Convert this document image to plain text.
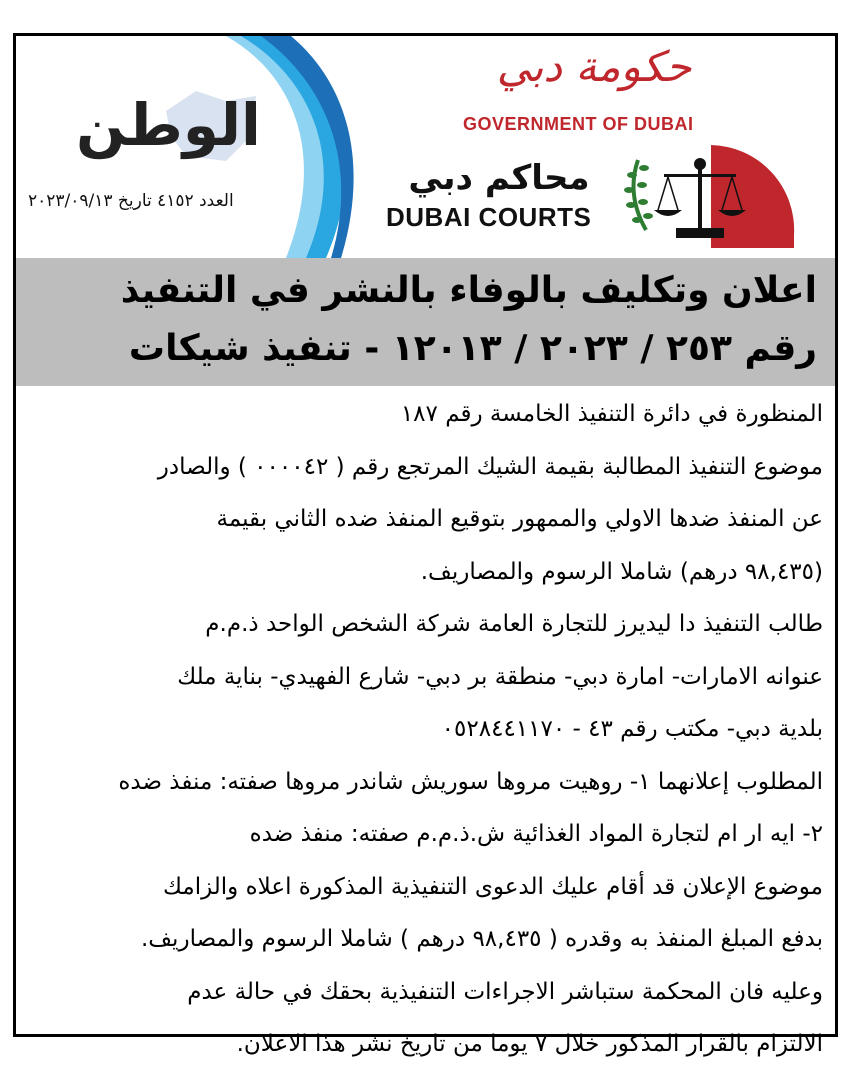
الوطن
العدد ٤١٥٢ تاريخ ٢٠٢٣/٠٩/١٣
حكومة دبي
GOVERNMENT OF DUBAI
محاكم دبي
DUBAI COURTS
اعلان وتكليف بالوفاء بالنشر في التنفيذ
رقم ٢٥٣ / ٢٠٢٣ / ١٢٠١٣ - تنفيذ شيكات
المنظورة في دائرة التنفيذ الخامسة رقم ١٨٧
موضوع التنفيذ المطالبة بقيمة الشيك المرتجع رقم ( ٠٠٠٠٤٢ ) والصادر
عن المنفذ ضدها الاولي والممهور بتوقيع المنفذ ضده الثاني بقيمة
(٩٨,٤٣٥ درهم) شاملا الرسوم والمصاريف.
طالب التنفيذ دا ليديرز للتجارة العامة شركة الشخص الواحد ذ.م.م
عنوانه الامارات- امارة دبي- منطقة بر دبي- شارع الفهيدي- بناية ملك
بلدية دبي- مكتب رقم ٤٣ - ٠٥٢٨٤٤١١٧٠
المطلوب إعلانهما ١- روهيت مروها سوريش شاندر مروها صفته: منفذ ضده
٢- ايه ار ام لتجارة المواد الغذائية ش.ذ.م.م صفته: منفذ ضده
موضوع الإعلان قد أقام عليك الدعوى التنفيذية المذكورة اعلاه والزامك
بدفع المبلغ المنفذ به وقدره ( ٩٨,٤٣٥ درهم ) شاملا الرسوم والمصاريف.
وعليه فان المحكمة ستباشر الاجراءات التنفيذية بحقك في حالة عدم
الالتزام بالقرار المذكور خلال ٧ يوما من تاريخ نشر هذا الاعلان.
